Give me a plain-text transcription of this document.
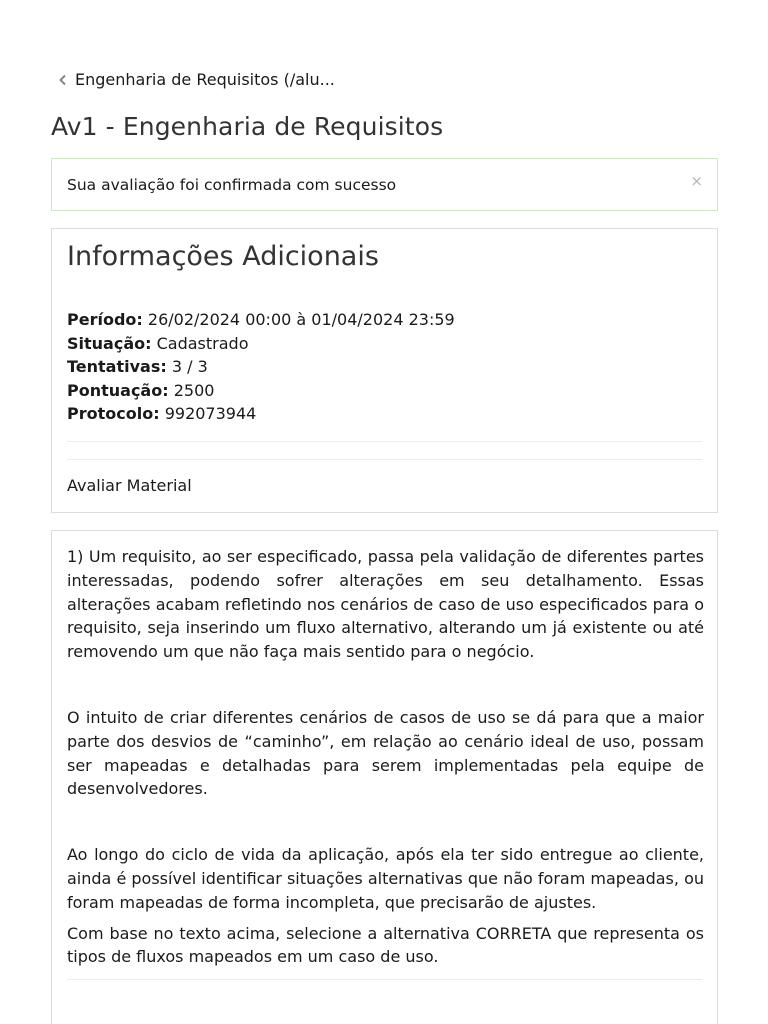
Engenharia de Requisitos (/alu...
Av1 - Engenharia de Requisitos
Sua avaliação foi confirmada com sucesso	×
Informações Adicionais
Período: 26/02/2024 00:00 à 01/04/2024 23:59
Situação: Cadastrado
Tentativas: 3 / 3
Pontuação: 2500
Protocolo: 992073944
Avaliar Material

1) Um requisito, ao ser especificado, passa pela validação de diferentes partes interessadas, podendo sofrer alterações em seu detalhamento. Essas alterações acabam refletindo nos cenários de caso de uso especificados para o requisito, seja inserindo um fluxo alternativo, alterando um já existente ou até removendo um que não faça mais sentido para o negócio.

O intuito de criar diferentes cenários de casos de uso se dá para que a maior parte dos desvios de “caminho”, em relação ao cenário ideal de uso, possam ser mapeadas e detalhadas para serem implementadas pela equipe de desenvolvedores.

Ao longo do ciclo de vida da aplicação, após ela ter sido entregue ao cliente, ainda é possível identificar situações alternativas que não foram mapeadas, ou foram mapeadas de forma incompleta, que precisarão de ajustes.

Com base no texto acima, selecione a alternativa CORRETA que representa os tipos de fluxos mapeados em um caso de uso.
